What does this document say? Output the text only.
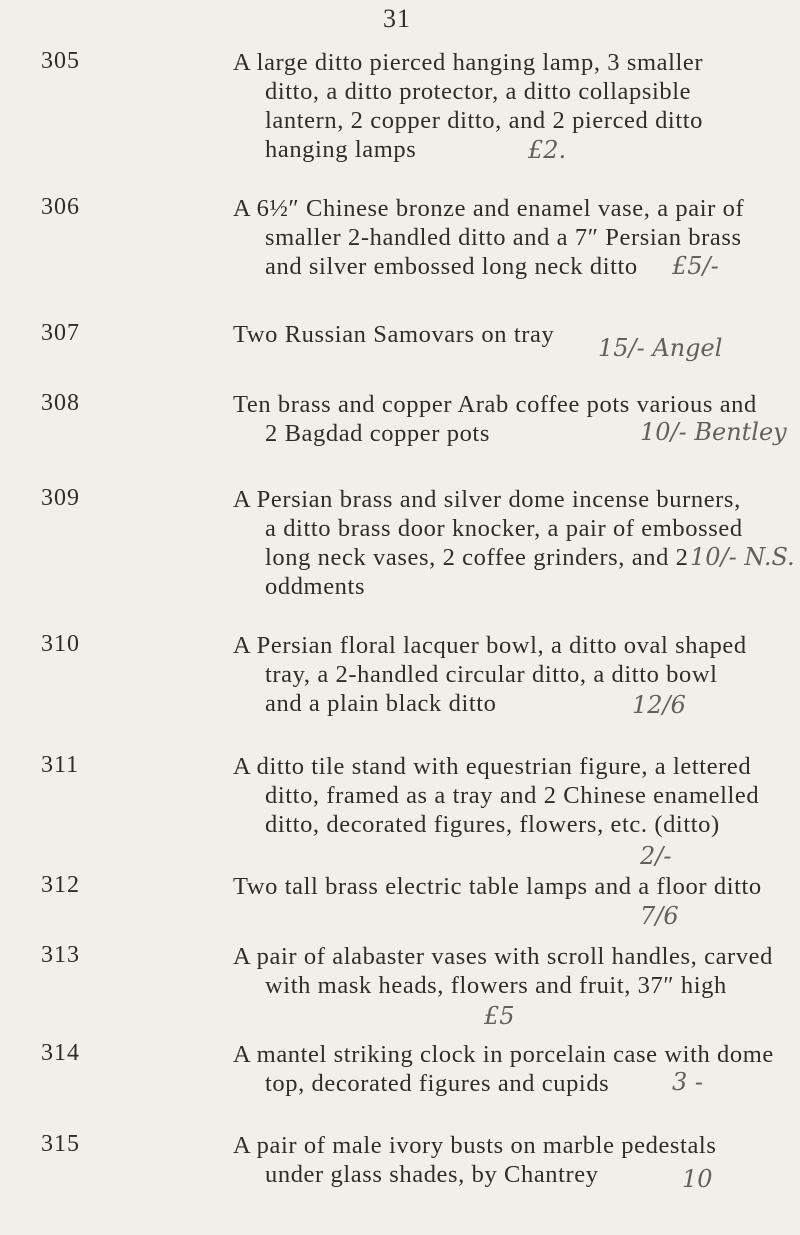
31
305	A large ditto pierced hanging lamp, 3 smaller
ditto, a ditto protector, a ditto collapsible
lantern, 2 copper ditto, and 2 pierced ditto
hanging lamps	£2.
306	A 6½″ Chinese bronze and enamel vase, a pair of
smaller 2-handled ditto and a 7″ Persian brass
and silver embossed long neck ditto	£5/-
307	Two Russian Samovars on tray	15/- Angel
308	Ten brass and copper Arab coffee pots various and
2 Bagdad copper pots	10/- Bentley
309	A Persian brass and silver dome incense burners,
a ditto brass door knocker, a pair of embossed
long neck vases, 2 coffee grinders, and 2
oddments
10/- N.S.
310	A Persian floral lacquer bowl, a ditto oval shaped
tray, a 2-handled circular ditto, a ditto bowl
and a plain black ditto	12/6
311	A ditto tile stand with equestrian figure, a lettered
ditto, framed as a tray and 2 Chinese enamelled
ditto, decorated figures, flowers, etc. (ditto)
2/-
312	Two tall brass electric table lamps and a floor ditto
7/6
313	A pair of alabaster vases with scroll handles, carved
with mask heads, flowers and fruit, 37″ high
£5
314	A mantel striking clock in porcelain case with dome
top, decorated figures and cupids	3 -
315	A pair of male ivory busts on marble pedestals
under glass shades, by Chantrey	10
